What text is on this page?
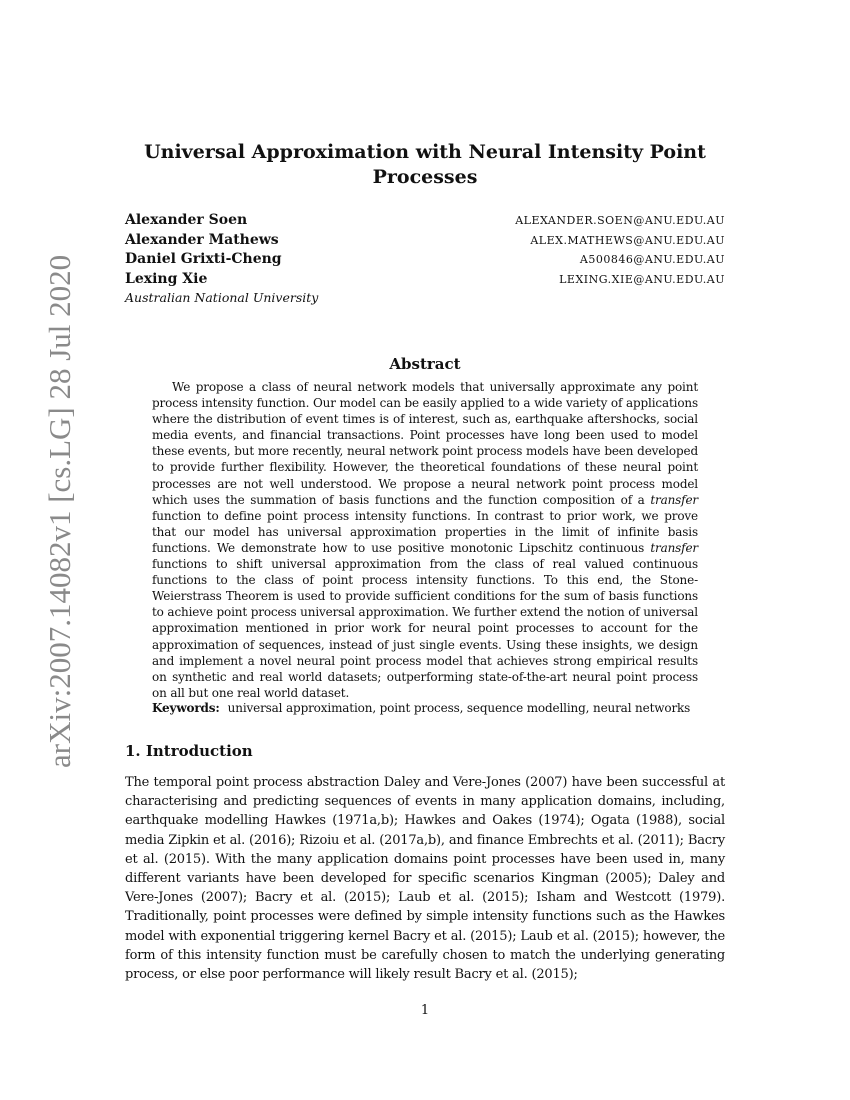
arXiv:2007.14082v1 [cs.LG] 28 Jul 2020
Universal Approximation with Neural Intensity Point
Processes
Alexander Soen	ALEXANDER.SOEN@ANU.EDU.AU
Alexander Mathews	ALEX.MATHEWS@ANU.EDU.AU
Daniel Grixti-Cheng	A500846@ANU.EDU.AU
Lexing Xie	LEXING.XIE@ANU.EDU.AU
Australian National University
Abstract
We propose a class of neural network models that universally approximate any point process intensity function. Our model can be easily applied to a wide variety of applications where the distribution of event times is of interest, such as, earthquake aftershocks, social media events, and financial transactions. Point processes have long been used to model these events, but more recently, neural network point process models have been developed to provide further flexibility. However, the theoretical foundations of these neural point processes are not well understood. We propose a neural network point process model which uses the summation of basis functions and the function composition of a transfer function to define point process intensity functions. In contrast to prior work, we prove that our model has universal approximation properties in the limit of infinite basis functions. We demonstrate how to use positive monotonic Lipschitz continuous transfer functions to shift universal approximation from the class of real valued continuous functions to the class of point process intensity functions. To this end, the Stone-Weierstrass Theorem is used to provide sufficient conditions for the sum of basis functions to achieve point process universal approximation. We further extend the notion of universal approximation mentioned in prior work for neural point processes to account for the approximation of sequences, instead of just single events. Using these insights, we design and implement a novel neural point process model that achieves strong empirical results on synthetic and real world datasets; outperforming state-of-the-art neural point process on all but one real world dataset.
Keywords: universal approximation, point process, sequence modelling, neural networks
1. Introduction
The temporal point process abstraction Daley and Vere-Jones (2007) have been successful at characterising and predicting sequences of events in many application domains, including, earthquake modelling Hawkes (1971a,b); Hawkes and Oakes (1974); Ogata (1988), social media Zipkin et al. (2016); Rizoiu et al. (2017a,b), and finance Embrechts et al. (2011); Bacry et al. (2015). With the many application domains point processes have been used in, many different variants have been developed for specific scenarios Kingman (2005); Daley and Vere-Jones (2007); Bacry et al. (2015); Laub et al. (2015); Isham and Westcott (1979). Traditionally, point processes were defined by simple intensity functions such as the Hawkes model with exponential triggering kernel Bacry et al. (2015); Laub et al. (2015); however, the form of this intensity function must be carefully chosen to match the underlying generating process, or else poor performance will likely result Bacry et al. (2015);
1
